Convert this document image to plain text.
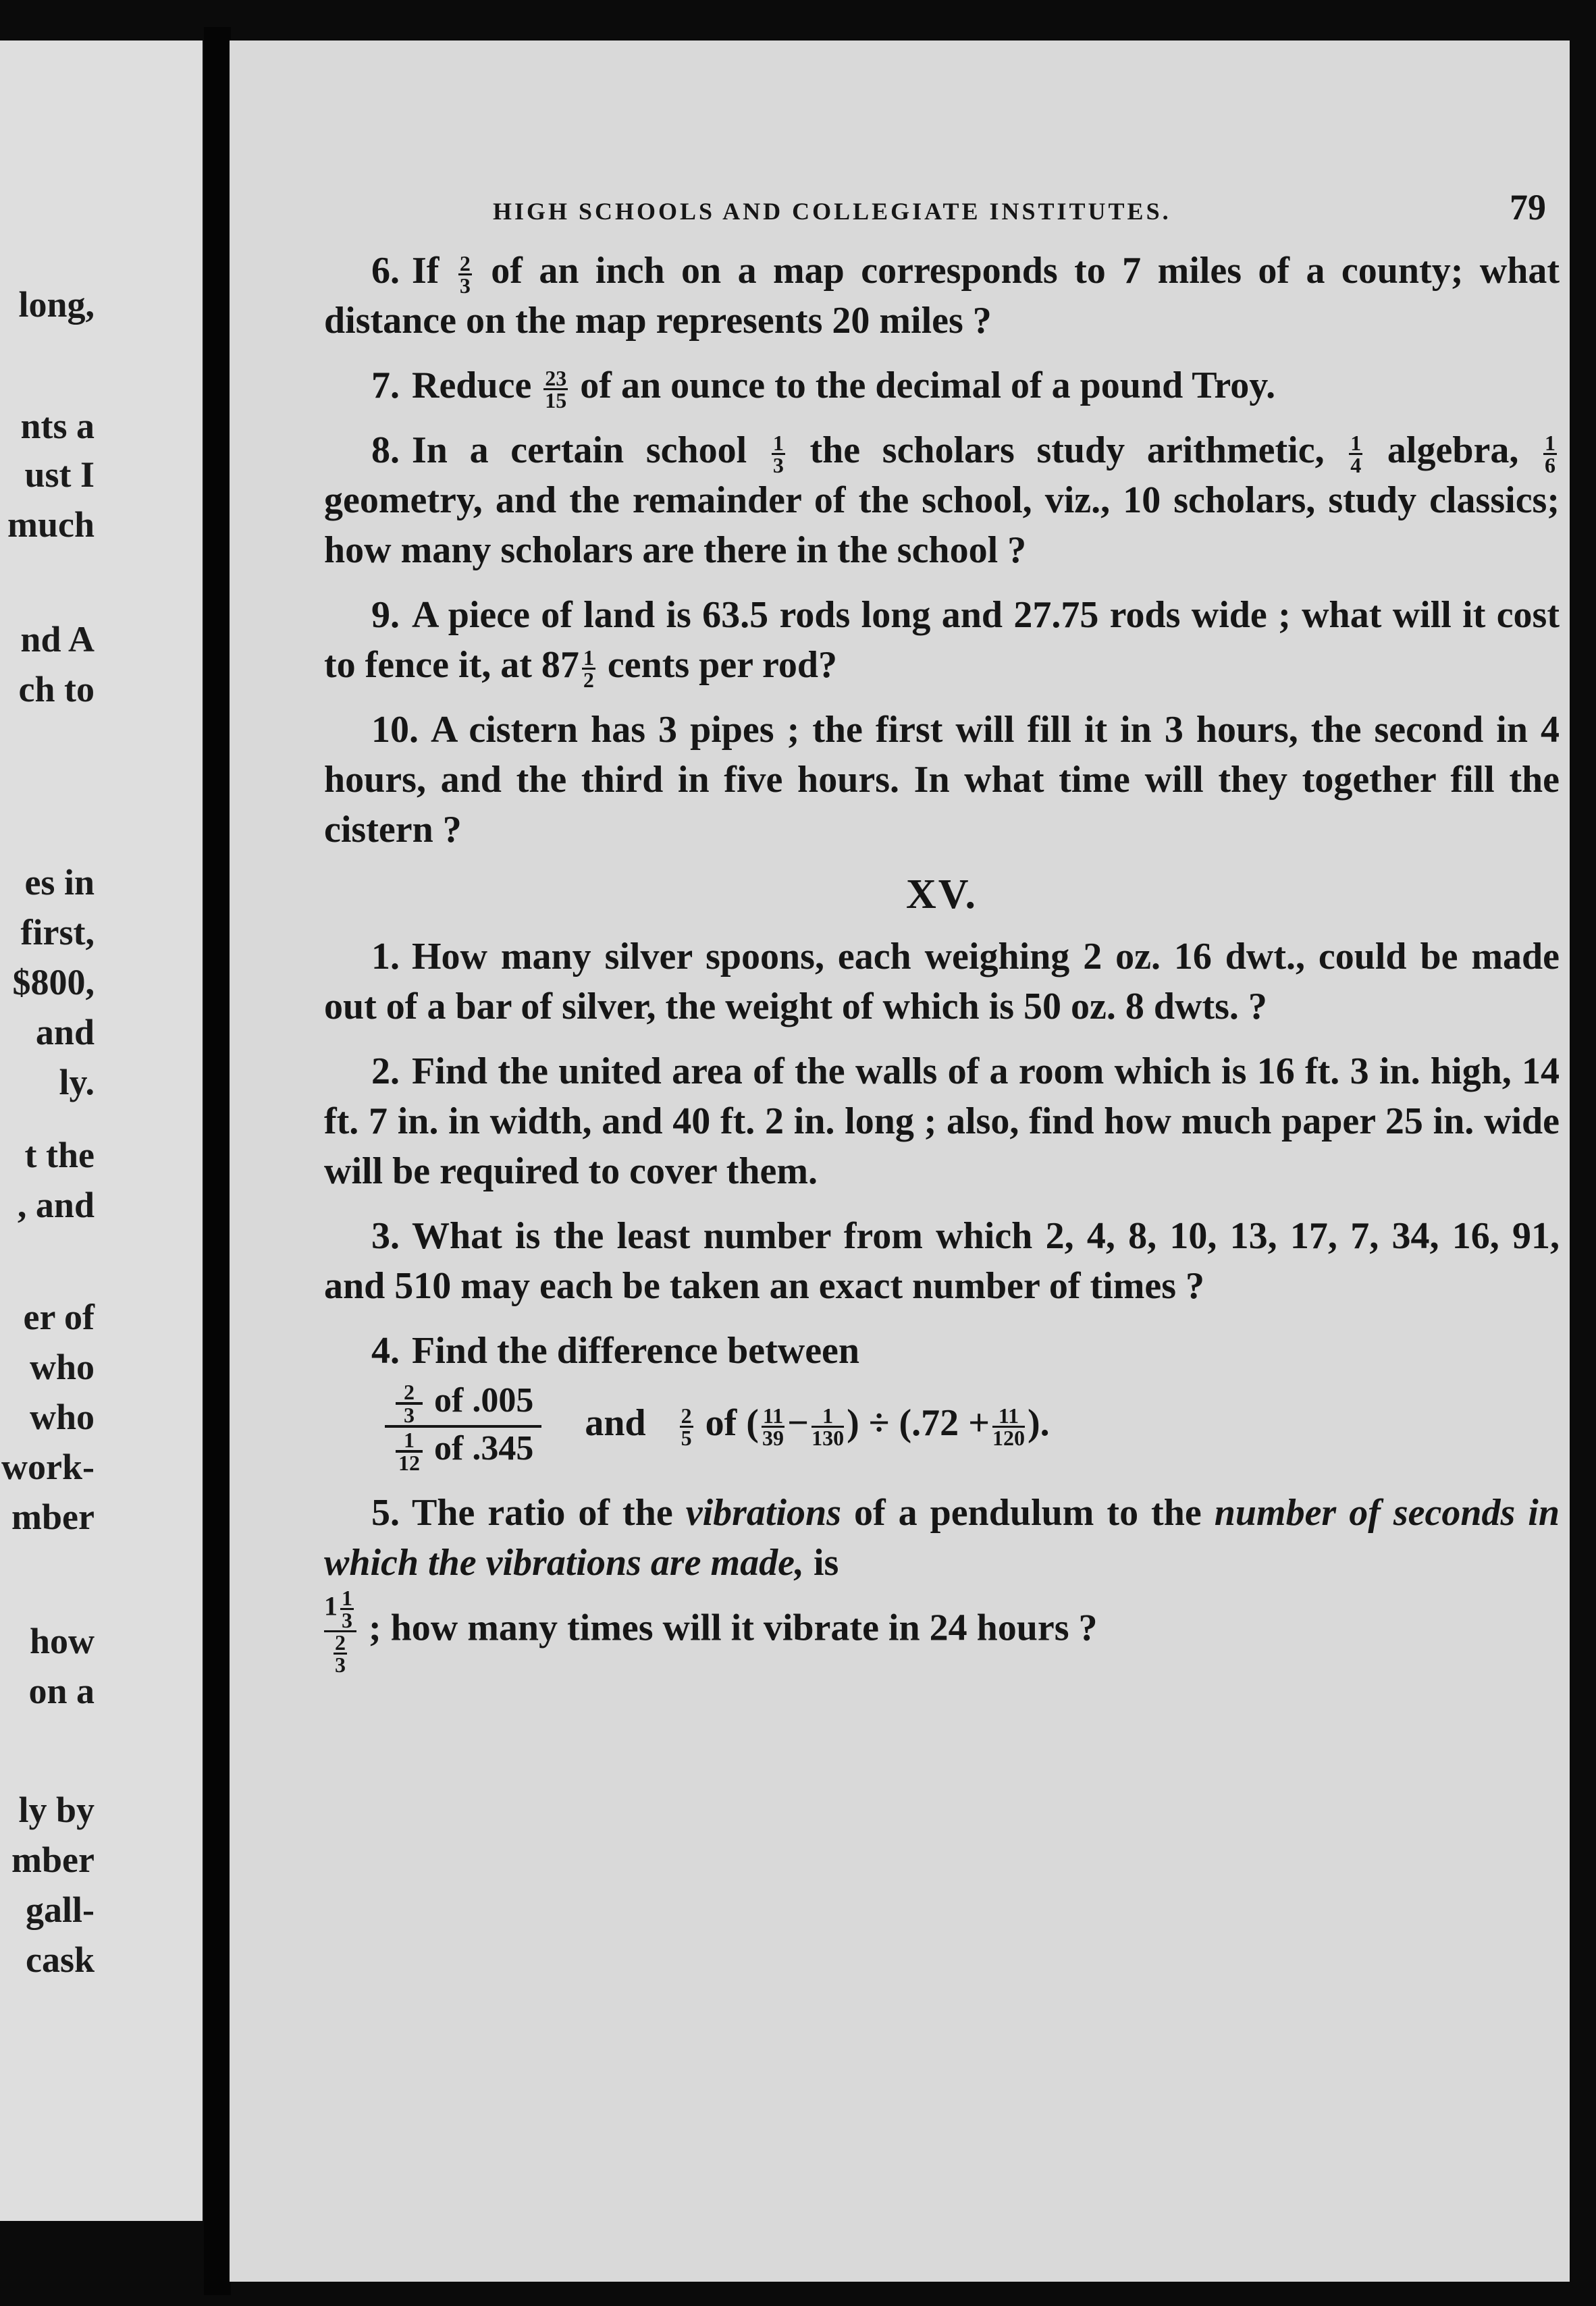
long,
nts a
ust I
much
nd A
ch to
es in
first,
$800,
and
ly.
t the
, and
er of
who
who
work-
mber
how
on a
ly by
mber
gall-
cask
HIGH SCHOOLS AND COLLEGIATE INSTITUTES.	79

6. If $\frac{2}{3}$ of an inch on a map corresponds to 7 miles of a county; what distance on the map represents 20 miles ?

7. Reduce $\frac{23}{15}$ of an ounce to the decimal of a pound Troy.

8. In a certain school $\frac{1}{3}$ the scholars study arithmetic, $\frac{1}{4}$ algebra, $\frac{1}{6}$
geometry, and the remainder of the school, viz., 10 scholars, study classics; how many scholars are there in the school ?

9. A piece of land is 63.5 rods long and 27.75 rods wide ; what will it cost to fence it, at $87 \frac{1}{2}$ cents per rod?

10. A cistern has 3 pipes ; the first will fill it in 3 hours, the second in 4 hours, and the third in five hours. In what time will they together fill the cistern ?

XV.

1. How many silver spoons, each weighing 2 oz. 16 dwt., could be made out of a bar of silver, the weight of which is 50 oz. 8 dwts. ?

2. Find the united area of the walls of a room which is 16 ft. 3 in. high, 14 ft. 7 in. in width, and 40 ft. 2 in. long ; also, find how much paper 25 in. wide will be required to cover them.

3. What is the least number from which 2, 4, 8, 10, 13, 17, 7, 34, 16, 91, and 510 may each be taken an exact number of times ?

4. Find the difference between

$\frac{\frac{2}{3} of .005}{\frac{1}{12} of .345}$ and $\frac{2}{5}$ of ( $\frac{11}{39} - \frac{1}{130}$ ) ÷ ($.72 + \frac{11}{120}$ ).

5. The ratio of the vibrations of a pendulum to the number of seconds in which the vibrations are made, is

$\frac{1 \frac{1}{3}}{\frac{2}{3}}$ ; how many times will it vibrate in 24 hours ?
